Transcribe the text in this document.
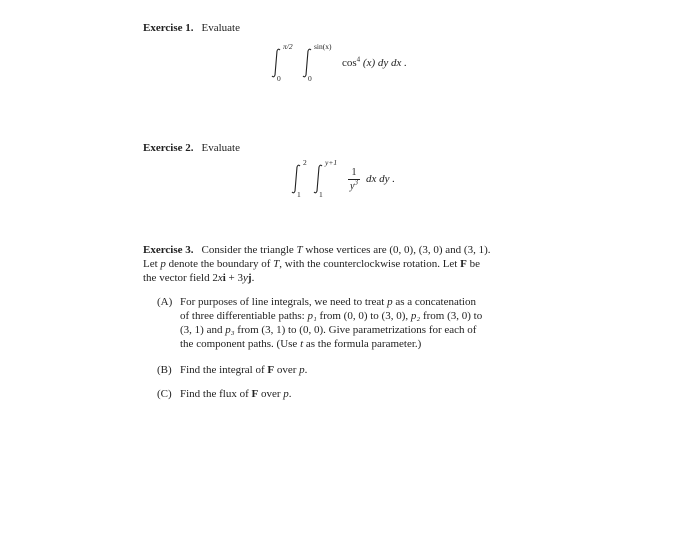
Exercise 1. Evaluate
π/2
0
sin(x)
0
$\cos^4 (x)$ dy dx .
Exercise 2. Evaluate
2
1
y+1
1
1
$y^3$ dx dy .
Exercise 3. Consider the triangle T whose vertices are (0, 0), (3, 0) and (3, 1).
Let p denote the boundary of T, with the counterclockwise rotation. Let F be
the vector field 2xi + 3yj.
(A) For purposes of line integrals, we need to treat p as a concatenation
of three differentiable paths: p₁ from (0, 0) to (3, 0), p₂ from (3, 0) to
(3, 1) and p₃ from (3, 1) to (0, 0). Give parametrizations for each of
the component paths. (Use t as the formula parameter.)
(B) Find the integral of F over p.
(C) Find the flux of F over p.
